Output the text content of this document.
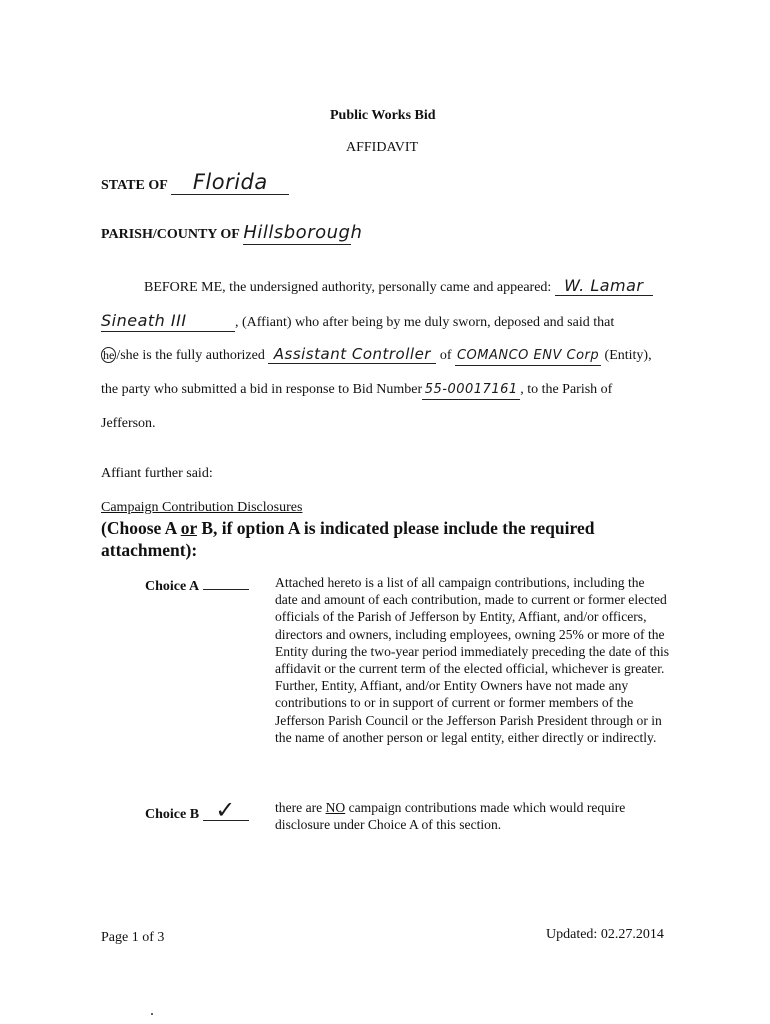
Public Works Bid
AFFIDAVIT
STATE OF Florida
PARISH/COUNTY OF Hillsborough
BEFORE ME, the undersigned authority, personally came and appeared: W. Lamar
Sineath III	, (Affiant) who after being by me duly sworn, deposed and said that
he /she is the fully authorized Assistant Controller of COMANCO ENV Corp (Entity),
the party who submitted a bid in response to Bid Number 55-00017161 , to the Parish of
Jefferson.
Affiant further said:
Campaign Contribution Disclosures
(Choose A or B, if option A is indicated please include the required
attachment):
Choice A	Attached hereto is a list of all campaign contributions, including the date and amount of each contribution, made to current or former elected officials of the Parish of Jefferson by Entity, Affiant, and/or officers, directors and owners, including employees, owning 25% or more of the Entity during the two-year period immediately preceding the date of this affidavit or the current term of the elected official, whichever is greater. Further, Entity, Affiant, and/or Entity Owners have not made any contributions to or in support of current or former members of the Jefferson Parish Council or the Jefferson Parish President through or in the name of another person or legal entity, either directly or indirectly.
Choice B ✓	there are NO campaign contributions made which would require disclosure under Choice A of this section.
Page 1 of 3	Updated: 02.27.2014
